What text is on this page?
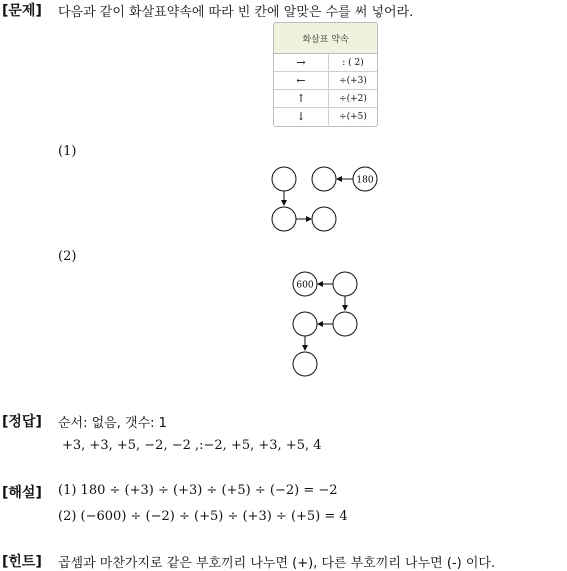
[문제] 다음과 같이 화살표약속에 따라 빈 칸에 알맞은 수를 써 넣어라.
화살표 약속
→	: ( 2)
←	÷(+3)
↑	÷(+2)
↓	÷(+5)
(1)
180
(2)
600
[정답] 순서: 없음, 갯수: 1
+3, +3, +5, −2, −2 ,:−2, +5, +3, +5, 4
[해설] (1) 180 ÷ (+3) ÷ (+3) ÷ (+5) ÷ (−2) = −2
(2) (−600) ÷ (−2) ÷ (+5) ÷ (+3) ÷ (+5) = 4
[힌트] 곱셈과 마찬가지로 같은 부호끼리 나누면 (+), 다른 부호끼리 나누면 (-) 이다.
